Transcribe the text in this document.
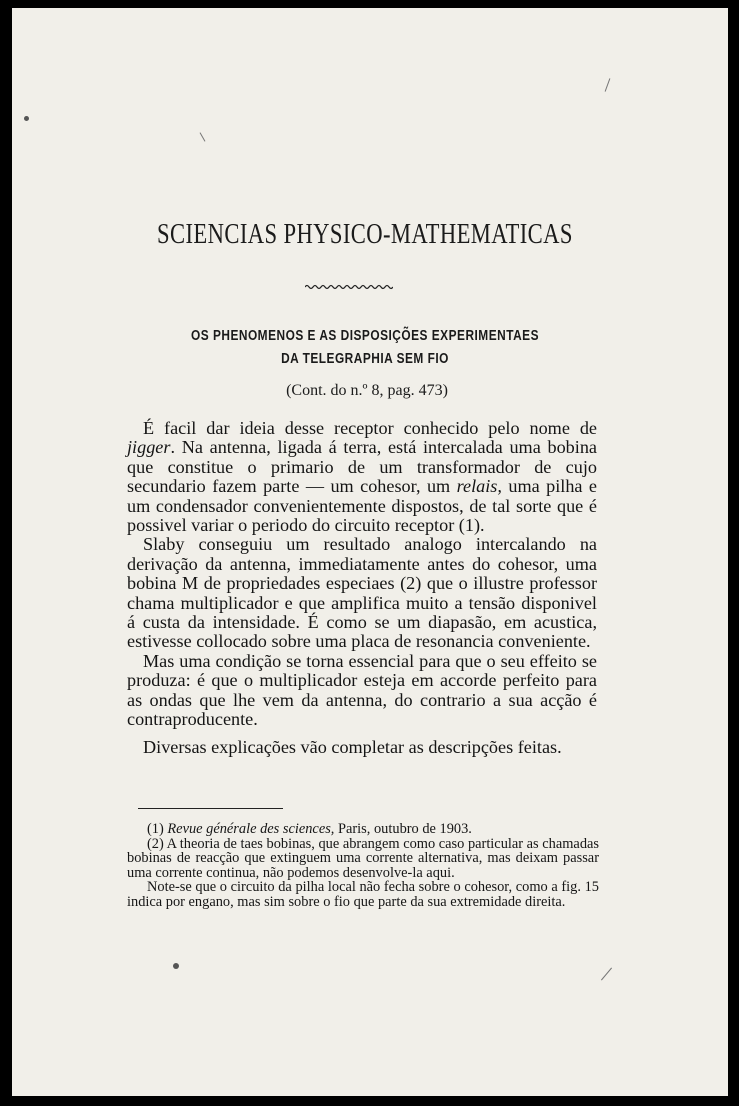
SCIENCIAS PHYSICO-MATHEMATICAS
OS PHENOMENOS E AS DISPOSIÇÕES EXPERIMENTAES
DA TELEGRAPHIA SEM FIO
(Cont. do n.º 8, pag. 473)

É facil dar ideia desse receptor conhecido pelo nome de jigger. Na antenna, ligada á terra, está intercalada uma bobina que constitue o primario de um transformador de cujo secundario fazem parte — um cohesor, um relais, uma pilha e um condensador convenientemente dispostos, de tal sorte que é possivel variar o periodo do circuito receptor (1).

Slaby conseguiu um resultado analogo intercalando na derivação da antenna, immediatamente antes do cohesor, uma bobina M de propriedades especiaes (2) que o illustre professor chama multiplicador e que amplifica muito a tensão disponivel á custa da intensidade. É como se um diapasão, em acustica, estivesse collocado sobre uma placa de resonancia conveniente.

Mas uma condição se torna essencial para que o seu effeito se produza: é que o multiplicador esteja em accorde perfeito para as ondas que lhe vem da antenna, do contrario a sua acção é contraproducente.

Diversas explicações vão completar as descripções feitas.

(1) Revue générale des sciences, Paris, outubro de 1903.

(2) A theoria de taes bobinas, que abrangem como caso particular as chamadas bobinas de reacção que extinguem uma corrente alternativa, mas deixam passar uma corrente continua, não podemos desenvolve-la aqui.

Note-se que o circuito da pilha local não fecha sobre o cohesor, como a fig. 15 indica por engano, mas sim sobre o fio que parte da sua extremidade direita.
